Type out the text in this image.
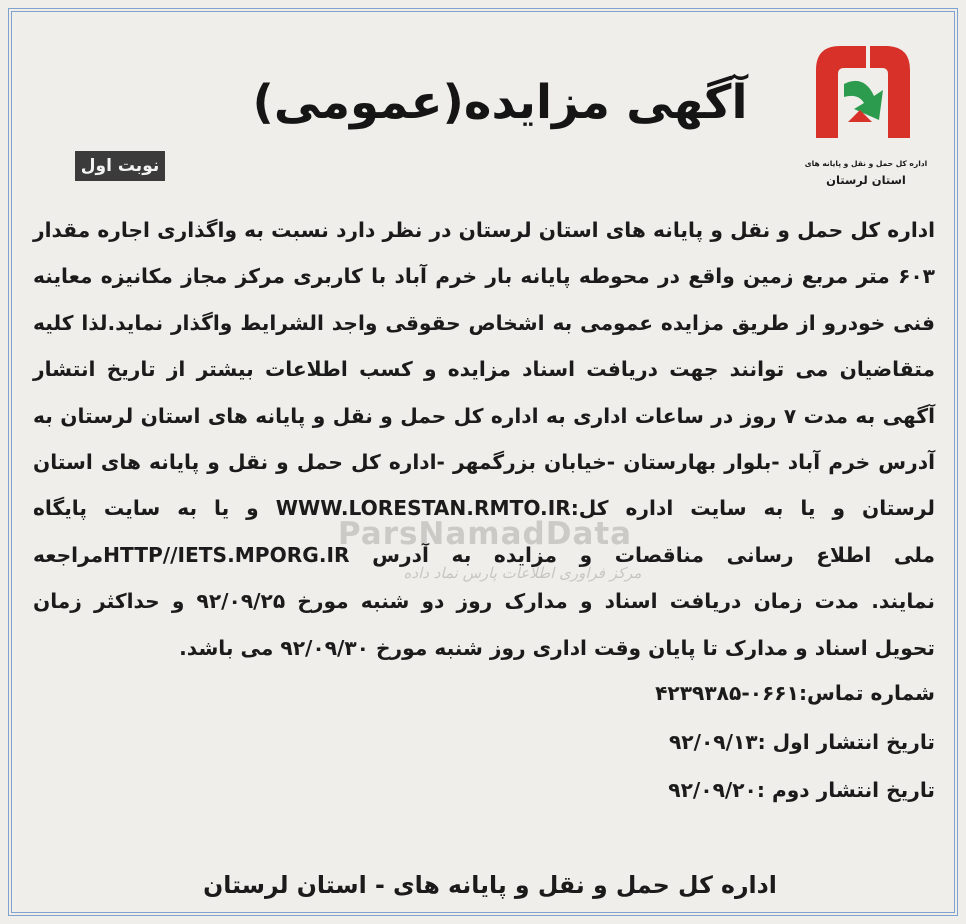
اداره کل حمل و نقل و پایانه های
استان لرستان
آگهی مزایده(عمومی)
نوبت اول
اداره کل حمل و نقل و پایانه های استان لرستان در نظر دارد نسبت به واگذاری اجاره مقدار
۶۰۳ متر مربع زمین واقع در محوطه پایانه بار خرم آباد با کاربری مرکز مجاز مکانیزه معاینه
فنی خودرو از طریق مزایده عمومی به اشخاص حقوقی واجد الشرایط واگذار نماید.لذا کلیه
متقاضیان می توانند جهت دریافت اسناد مزایده و کسب اطلاعات بیشتر از تاریخ انتشار
آگهی به مدت ۷ روز در ساعات اداری به اداره کل حمل و نقل و پایانه های استان لرستان به
آدرس خرم آباد -بلوار بهارستان -خیابان بزرگمهر -اداره کل حمل و نقل و پایانه های استان
لرستان و یا به سایت اداره کل:WWW.LORESTAN.RMTO.IR و یا به سایت پایگاه
ملی اطلاع رسانی مناقصات و مزایده به آدرس HTTP//IETS.MPORG.IRمراجعه
نمایند. مدت زمان دریافت اسناد و مدارک روز دو شنبه مورخ ۹۲/۰۹/۲۵ و حداکثر زمان
تحویل اسناد و مدارک تا پایان وقت اداری روز شنبه مورخ ۹۲/۰۹/۳۰ می باشد.
شماره تماس:۰۶۶۱-۴۲۳۹۳۸۵
تاریخ انتشار اول :۹۲/۰۹/۱۳
تاریخ انتشار دوم :۹۲/۰۹/۲۰
اداره کل حمل و نقل و پایانه های - استان لرستان
ParsNamadData
مرکز فراوری اطلاعات پارس نماد داده
